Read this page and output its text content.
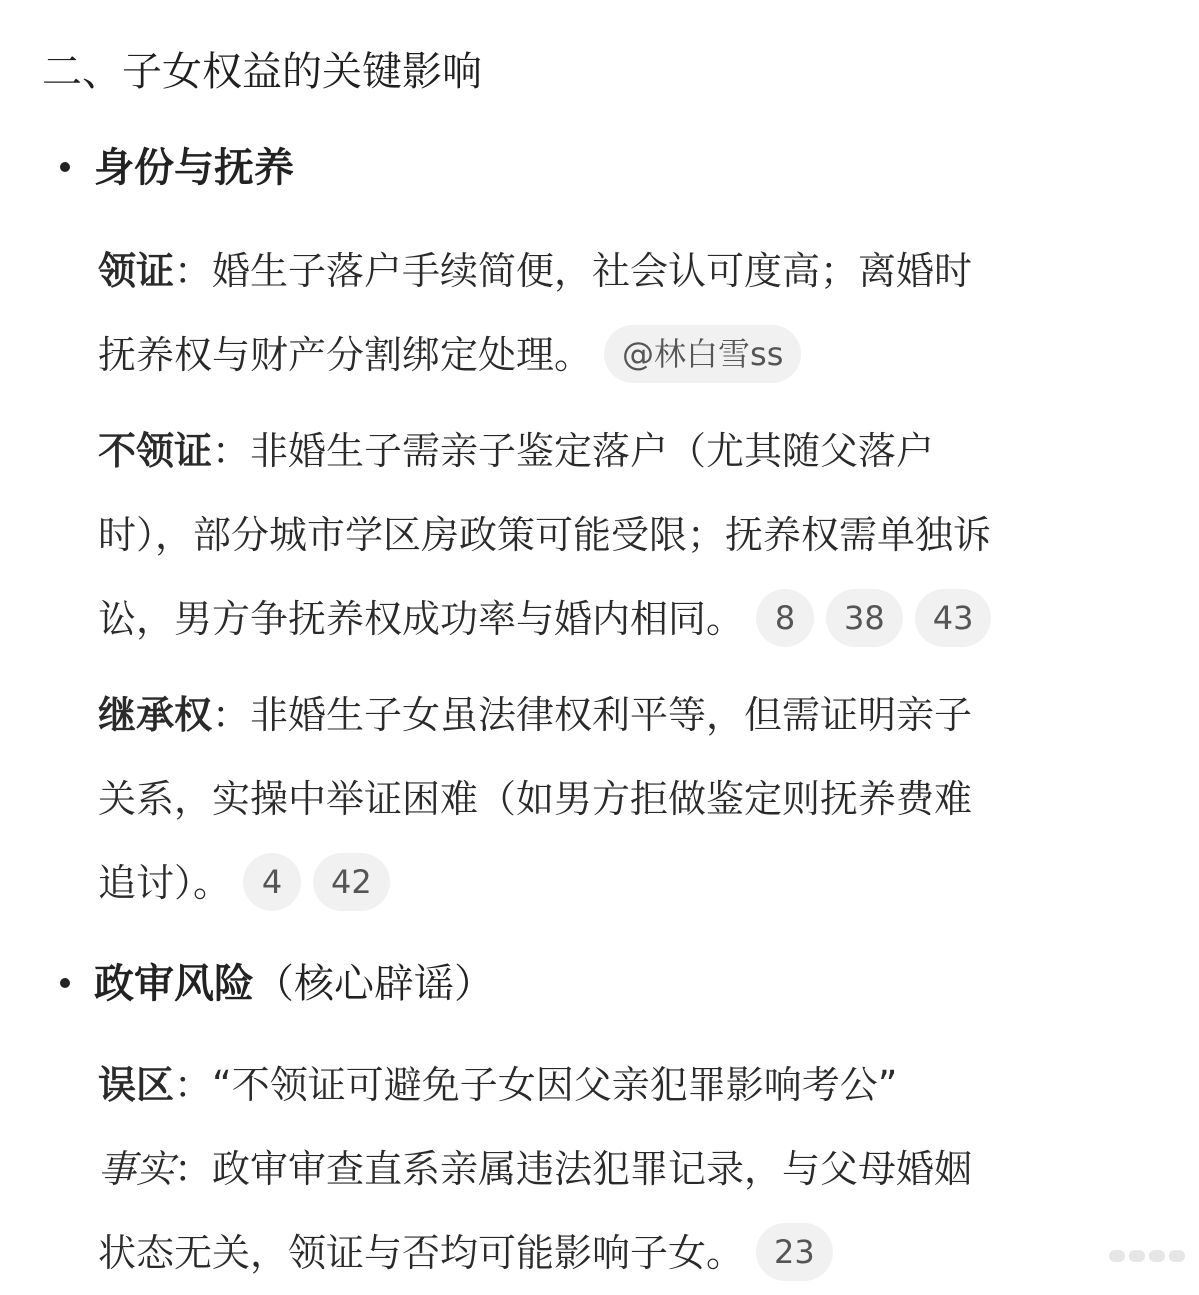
二、子女权益的关键影响
身份与抚养
领证：婚生子落户手续简便，社会认可度高；离婚时
抚养权与财产分割绑定处理。 @林白雪ss
不领证：非婚生子需亲子鉴定落户（尤其随父落户
时），部分城市学区房政策可能受限；抚养权需单独诉
讼，男方争抚养权成功率与婚内相同。 8 38 43
继承权：非婚生子女虽法律权利平等，但需证明亲子
关系，实操中举证困难（如男方拒做鉴定则抚养费难
追讨）。 4 42
政审风险（核心辟谣）
误区：“不领证可避免子女因父亲犯罪影响考公”
事实：政审审查直系亲属违法犯罪记录，与父母婚姻
状态无关，领证与否均可能影响子女。 23
